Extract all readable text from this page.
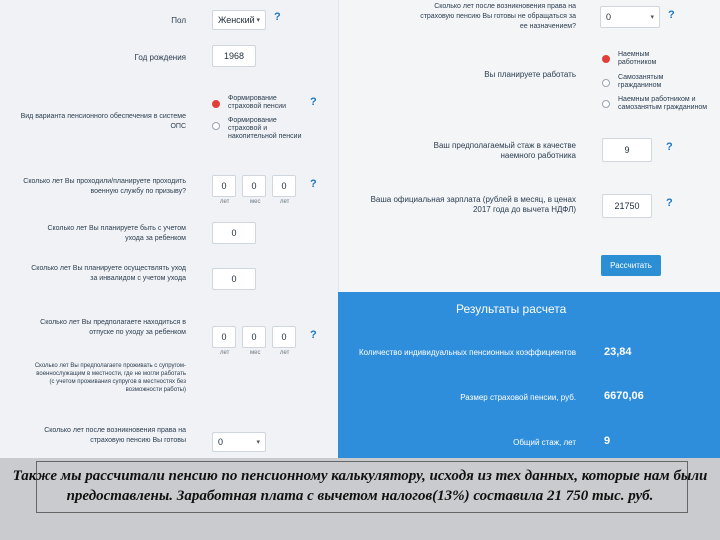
Пол	Женский ▾ ?
Год рождения	1968
Вид варианта пенсионного обеспечения в системе ОПС
Формирование страховой пенсии
Формирование страховой и накопительной пенсии
?
Сколько лет Вы проходили/планируете проходить военную службу по призыву?
0	0	0
лет	мес	лет
?
Сколько лет Вы планируете быть с учетом ухода за ребенком
0
Сколько лет Вы планируете осуществлять уход за инвалидом с учетом ухода	0
Сколько лет Вы предполагаете находиться в отпуске по уходу за ребенком	0	0	0
лет	мес	лет
?
Сколько лет Вы предполагаете проживать с супругом-военнослужащим в местности, где не могли работать (с учетом проживания супругов в местностях без возможности работы)
Сколько лет после возникновения права на страховую пенсию Вы готовы	0	▾
Сколько лет после возникновения права на страховую пенсию Вы готовы не обращаться за ее назначением?
0	▾ ?
Вы планируете работать
Наемным работником
Самозанятым гражданином
Наемным работником и самозанятым гражданином
Ваш предполагаемый стаж в качестве наемного работника
9	?
Ваша официальная зарплата (рублей в месяц, в ценах 2017 года до вычета НДФЛ)	21750	?
Рассчитать
Результаты расчета
Количество индивидуальных пенсионных коэффициентов	23,84
Размер страховой пенсии, руб.	6670,06
Общий стаж, лет	9
Также мы рассчитали пенсию по пенсионному калькулятору, исходя из тех данных, которые нам были предоставлены. Заработная плата с вычетом налогов(13%) составила 21 750 тыс. руб.
